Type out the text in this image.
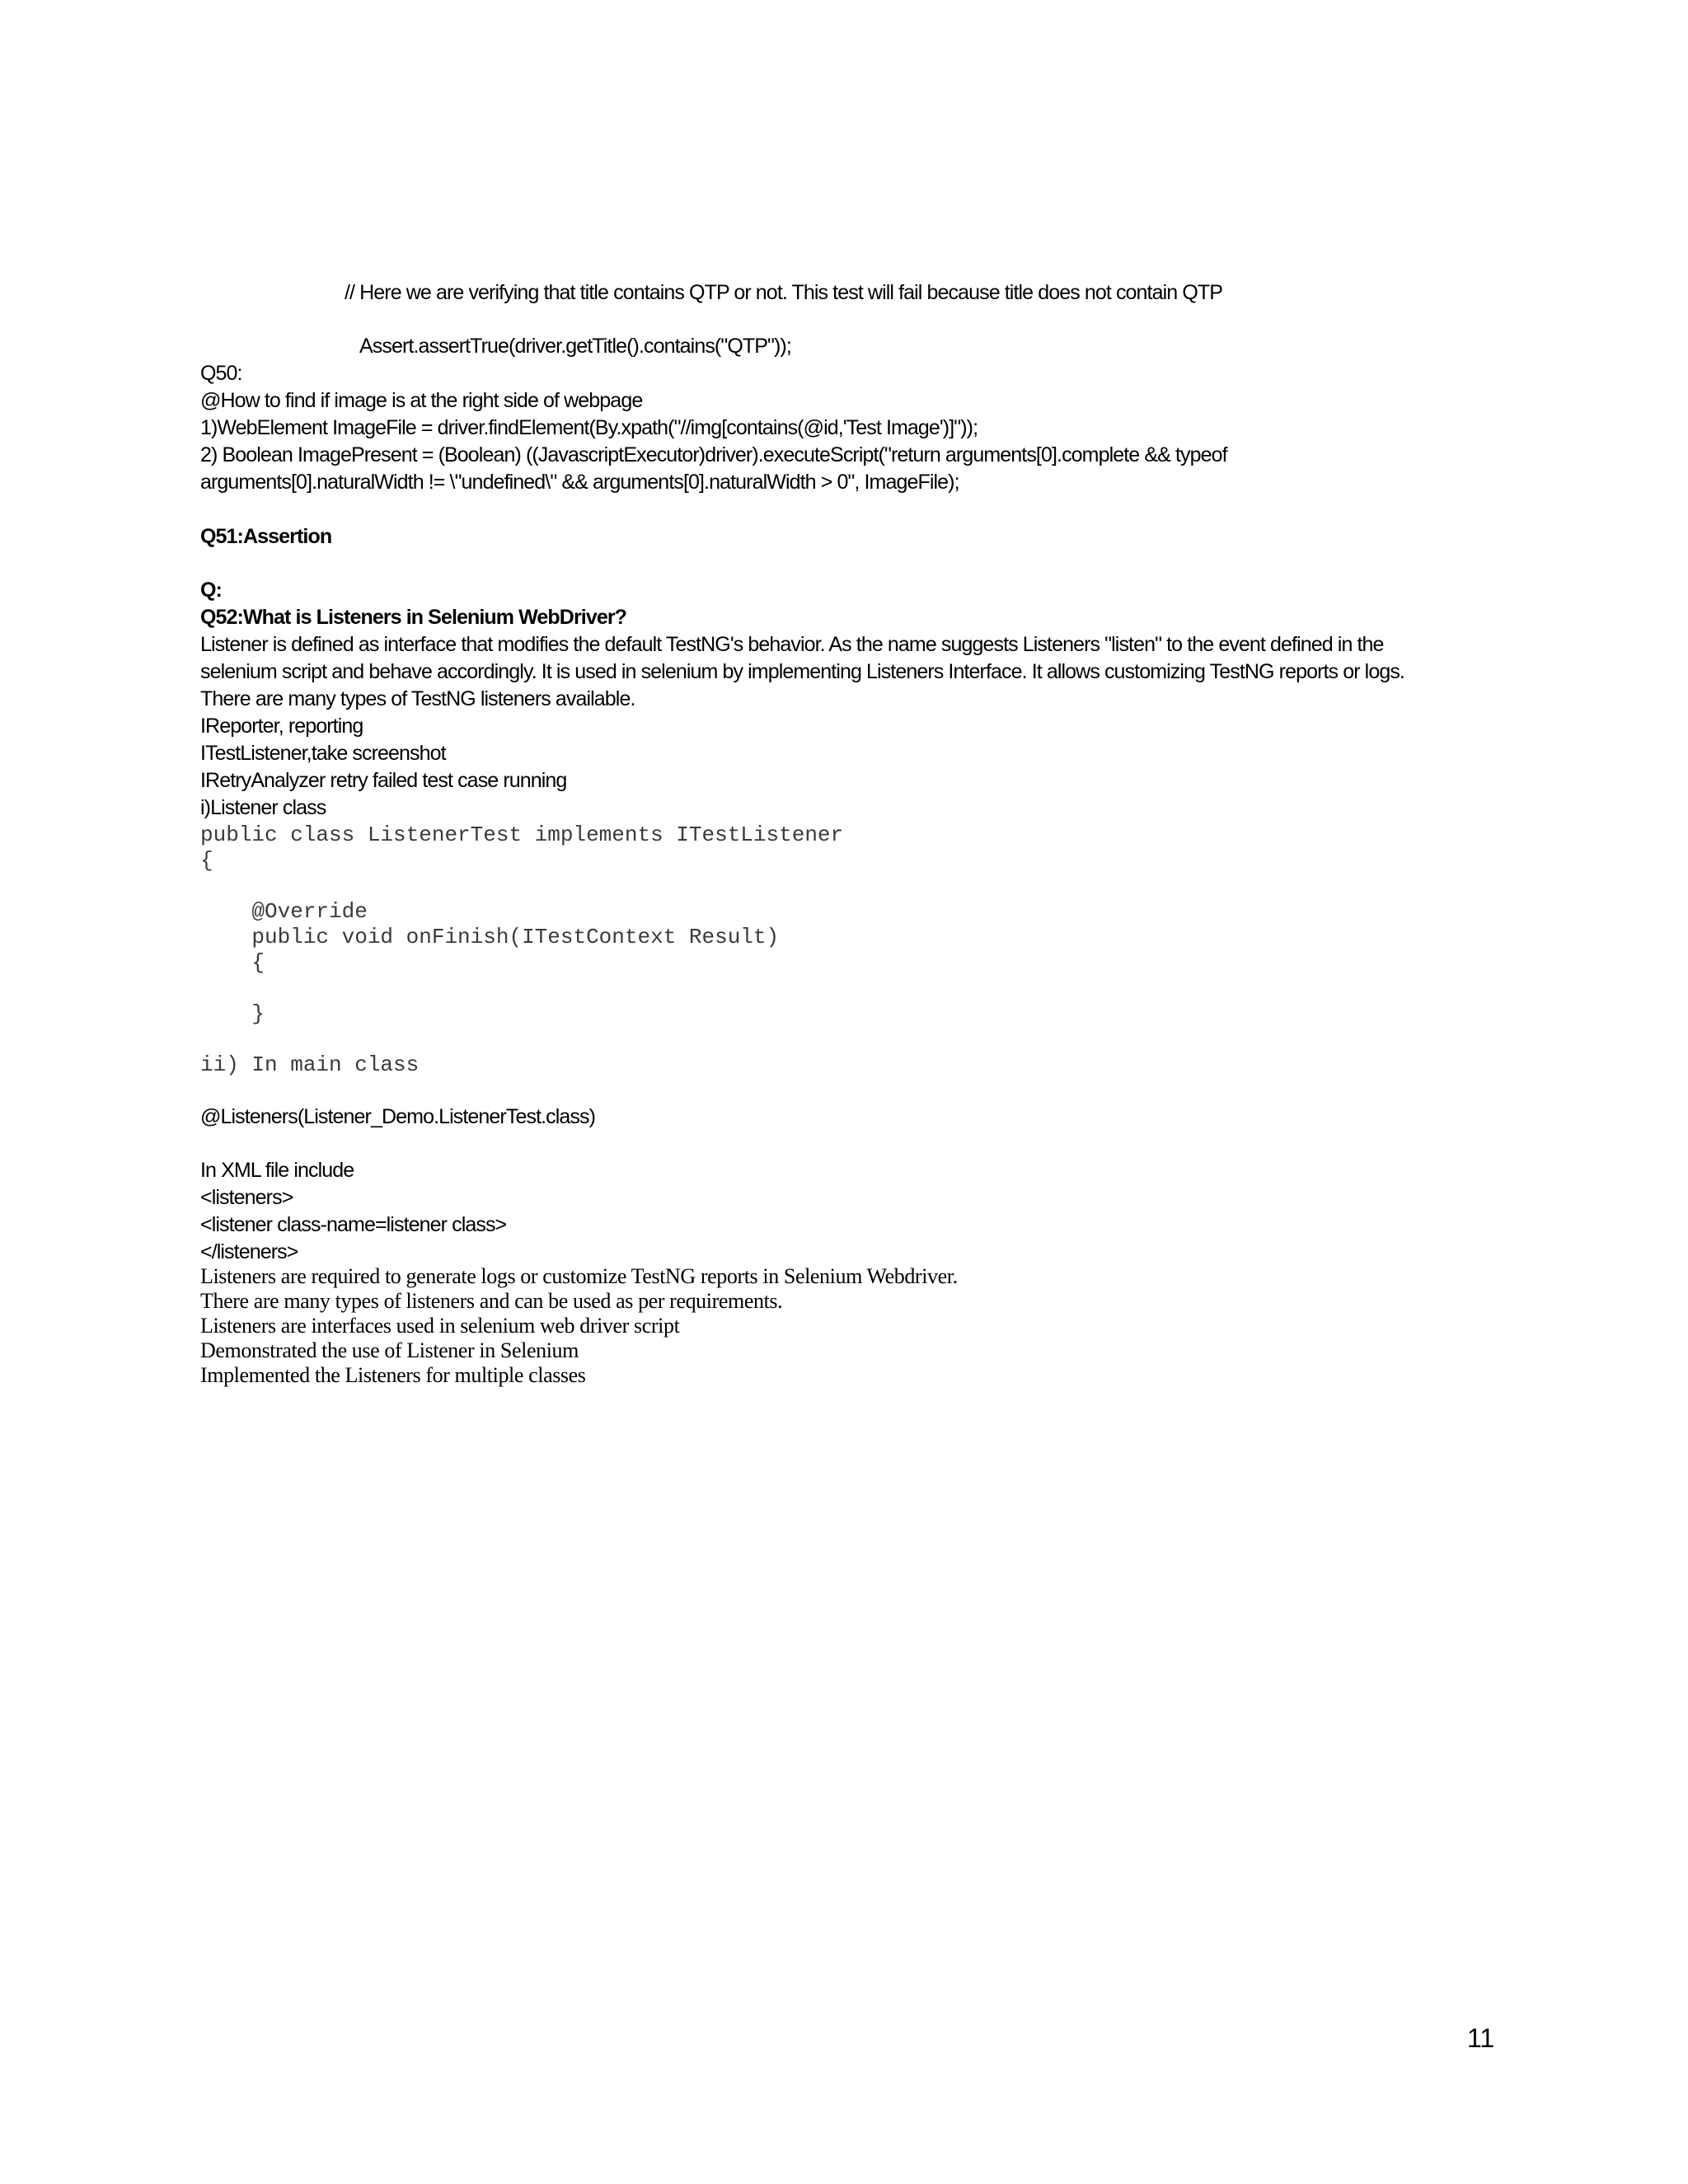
// Here we are verifying that title contains QTP or not. This test will fail because title does not contain QTP

Assert.assertTrue(driver.getTitle().contains("QTP"));

Q50:

@How to find if image is at the right side of webpage

1)WebElement ImageFile = driver.findElement(By.xpath("//img[contains(@id,'Test Image')]"));

2) Boolean ImagePresent = (Boolean) ((JavascriptExecutor)driver).executeScript("return arguments[0].complete && typeof

arguments[0].naturalWidth != \"undefined\" && arguments[0].naturalWidth > 0", ImageFile);

Q51:Assertion

Q:

Q52:What is Listeners in Selenium WebDriver?

Listener is defined as interface that modifies the default TestNG's behavior. As the name suggests Listeners "listen" to the event defined in the

selenium script and behave accordingly. It is used in selenium by implementing Listeners Interface. It allows customizing TestNG reports or logs.

There are many types of TestNG listeners available.

IReporter, reporting

ITestListener,take screenshot

IRetryAnalyzer retry failed test case running

i)Listener class

public class ListenerTest implements ITestListener

{

@Override

public void onFinish(ITestContext Result)

{

}

ii) In main class

@Listeners(Listener_Demo.ListenerTest.class)

In XML file include

<listeners>

<listener class-name=listener class>

</listeners>

Listeners are required to generate logs or customize TestNG reports in Selenium Webdriver.

There are many types of listeners and can be used as per requirements.

Listeners are interfaces used in selenium web driver script

Demonstrated the use of Listener in Selenium

Implemented the Listeners for multiple classes

11
